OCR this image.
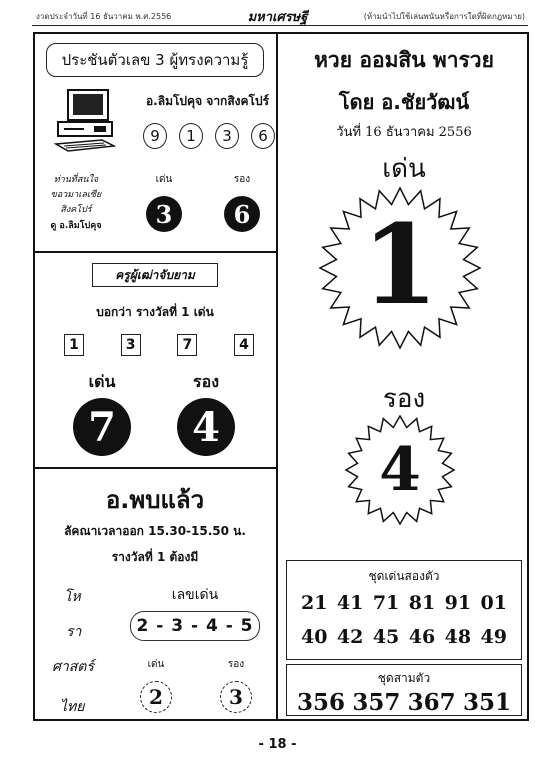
งวดประจำวันที่ 16 ธันวาคม พ.ศ.2556	มหาเศรษฐี	(ห้ามนำไปใช้เล่นพนันหรือการใดที่ผิดกฎหมาย)
ประชันตัวเลข 3 ผู้ทรงความรู้
อ.ลิมโปคุจ จากสิงคโปร์
9	1	3	6
ท่านที่สนใจ
ขอวมาเลเซีย
สิงคโปร์
ดู อ.ลิมโปคุจ
เด่น	รอง
3	6
ครูผู้เฒ่าจับยาม
บอกว่า รางวัลที่ 1 เด่น
1	3	7	4
เด่น	รอง
7	4
อ.พบแล้ว
ลัคณาเวลาออก 15.30-15.50 น.
รางวัลที่ 1 ต้องมี
โห
รา
ศาสตร์
ไทย
เลขเด่น
2 - 3 - 4 - 5
เด่น	รอง
2	3
หวย ออมสิน พารวย
โดย อ.ชัยวัฒน์
วันที่ 16 ธันวาคม 2556
เด่น
1
รอง
4
ชุดเด่นสองตัว
21 41 71 81 91 01
40 42 45 46 48 49
ชุดสามตัว
356 357 367 351
- 18 -
